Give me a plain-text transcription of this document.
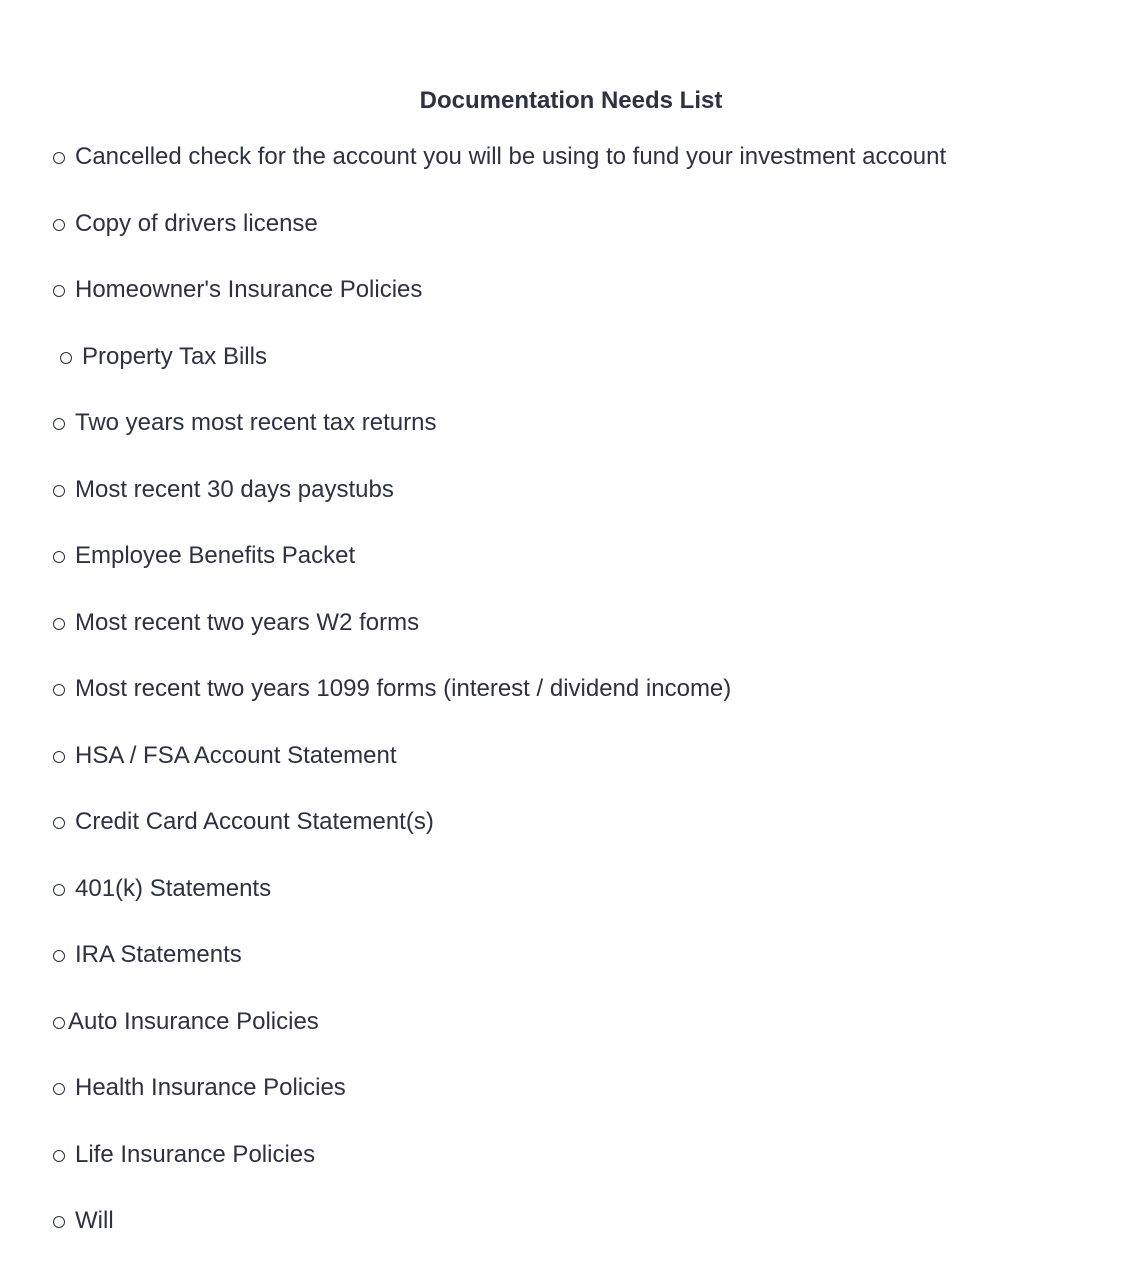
Documentation Needs List
Cancelled check for the account you will be using to fund your investment account
Copy of drivers license
Homeowner's Insurance Policies
Property Tax Bills
Two years most recent tax returns
Most recent 30 days paystubs
Employee Benefits Packet
Most recent two years W2 forms
Most recent two years 1099 forms (interest / dividend income)
HSA / FSA Account Statement
Credit Card Account Statement(s)
401(k) Statements
IRA Statements
Auto Insurance Policies
Health Insurance Policies
Life Insurance Policies
Will
